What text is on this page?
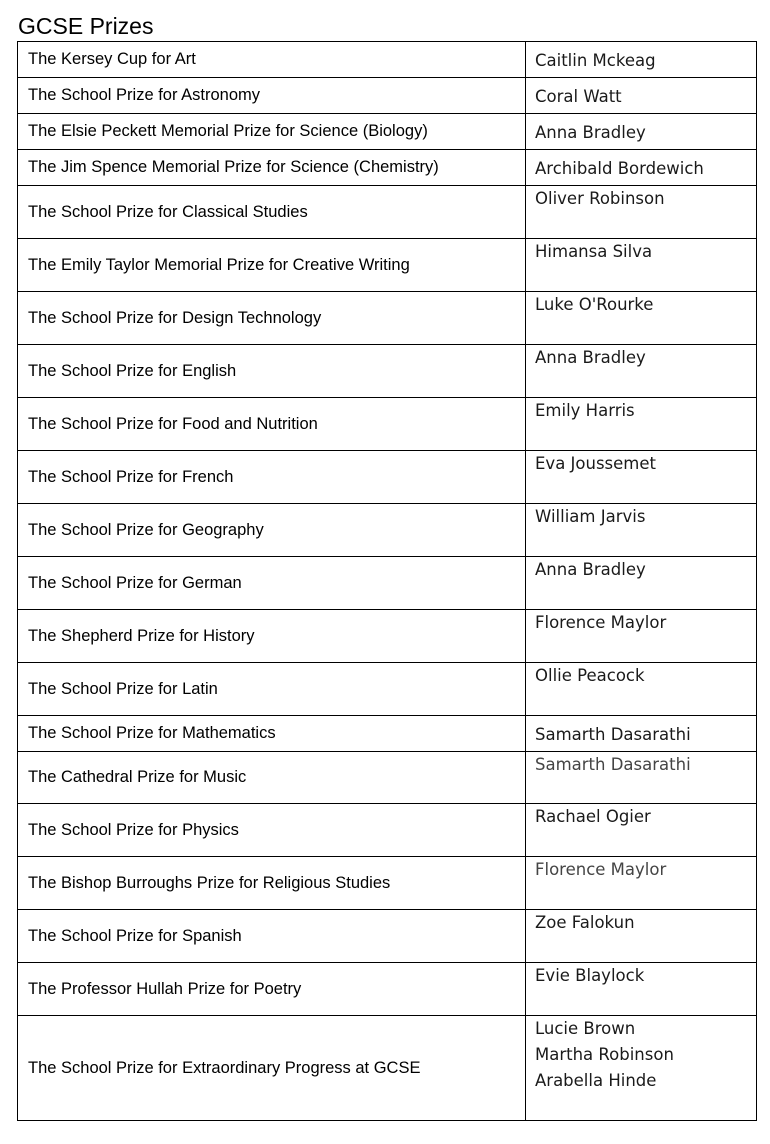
GCSE Prizes
The Kersey Cup for Art	Caitlin Mckeag

The School Prize for Astronomy	Coral Watt

The Elsie Peckett Memorial Prize for Science (Biology)	Anna Bradley

The Jim Spence Memorial Prize for Science (Chemistry)	Archibald Bordewich

The School Prize for Classical Studies	Oliver Robinson

The Emily Taylor Memorial Prize for Creative Writing	Himansa Silva

The School Prize for Design Technology	Luke O'Rourke

The School Prize for English	Anna Bradley

The School Prize for Food and Nutrition	Emily Harris

The School Prize for French	Eva Joussemet

The School Prize for Geography	William Jarvis

The School Prize for German	Anna Bradley

The Shepherd Prize for History	Florence Maylor

The School Prize for Latin	Ollie Peacock

The School Prize for Mathematics	Samarth Dasarathi

The Cathedral Prize for Music	Samarth Dasarathi

The School Prize for Physics	Rachael Ogier

The Bishop Burroughs Prize for Religious Studies	Florence Maylor

The School Prize for Spanish	Zoe Falokun

The Professor Hullah Prize for Poetry	Evie Blaylock

The School Prize for Extraordinary Progress at GCSE	Lucie Brown
Martha Robinson
Arabella Hinde
